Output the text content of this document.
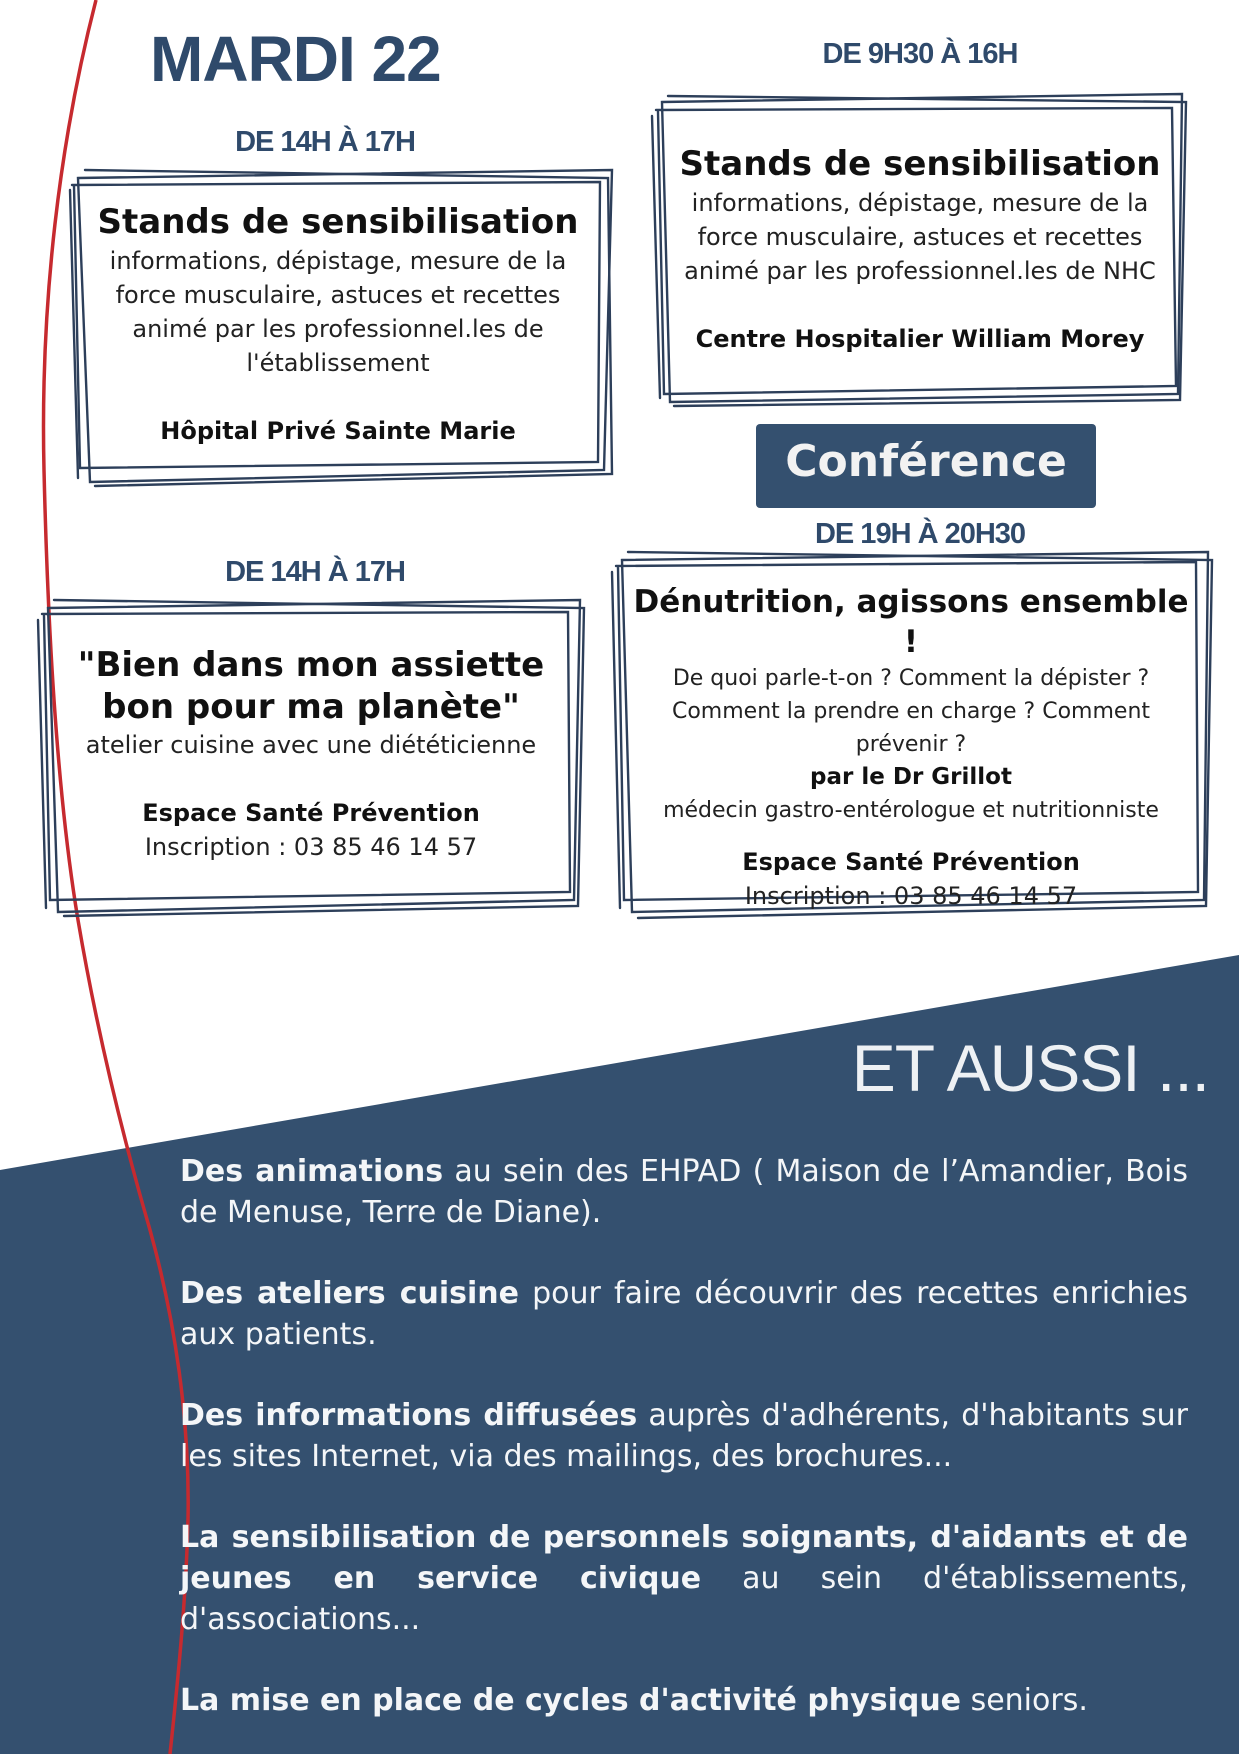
MARDI 22
DE 14H À 17H
Stands de sensibilisation
informations, dépistage, mesure de la
force musculaire, astuces et recettes
animé par les professionnel.les de
l'établissement
Hôpital Privé Sainte Marie
DE 9H30 À 16H
Stands de sensibilisation
informations, dépistage, mesure de la
force musculaire, astuces et recettes
animé par les professionnel.les de NHC
Centre Hospitalier William Morey
Conférence
DE 19H À 20H30
DE 14H À 17H
"Bien dans mon assiette
bon pour ma planète"
atelier cuisine avec une diététicienne
Espace Santé Prévention
Inscription : 03 85 46 14 57
Dénutrition, agissons ensemble !
De quoi parle-t-on ? Comment la dépister ?
Comment la prendre en charge ? Comment
prévenir ?
par le Dr Grillot
médecin gastro-entérologue et nutritionniste
Espace Santé Prévention
Inscription : 03 85 46 14 57
ET AUSSI ...

Des animations au sein des EHPAD ( Maison de l’Amandier, Bois de Menuse, Terre de Diane).

Des ateliers cuisine pour faire découvrir des recettes enrichies aux patients.

Des informations diffusées auprès d'adhérents, d'habitants sur les sites Internet, via des mailings, des brochures...

La sensibilisation de personnels soignants, d'aidants et de jeunes en service civique au sein d'établissements, d'associations...

La mise en place de cycles d'activité physique seniors.
